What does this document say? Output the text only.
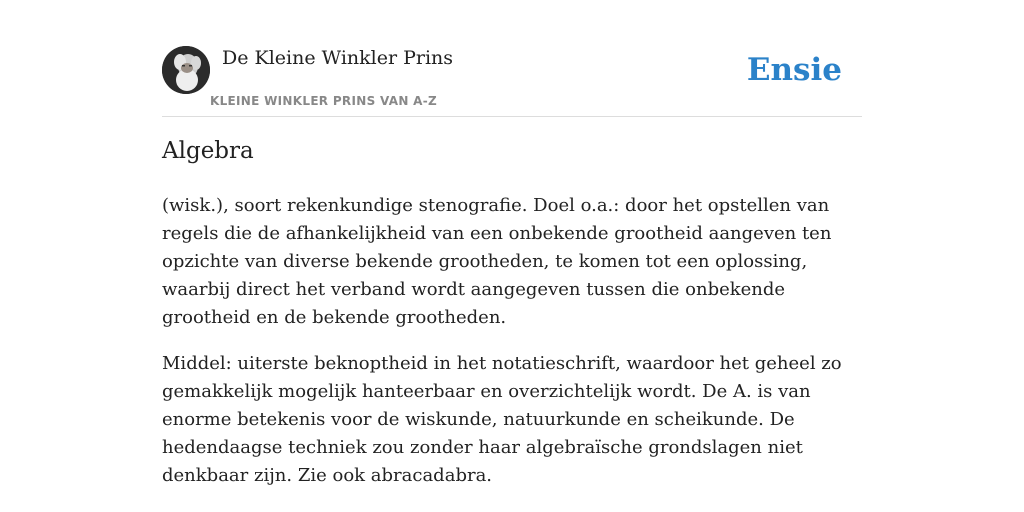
De Kleine Winkler Prins
KLEINE WINKLER PRINS VAN A-Z
Ensie
Algebra

(wisk.), soort rekenkundige stenografie. Doel o.a.: door het opstellen van regels die de afhankelijkheid van een onbekende grootheid aangeven ten opzichte van diverse bekende grootheden, te komen tot een oplossing, waarbij direct het verband wordt aangegeven tussen die onbekende grootheid en de bekende grootheden.

Middel: uiterste beknoptheid in het notatieschrift, waardoor het geheel zo gemakkelijk mogelijk hanteerbaar en overzichtelijk wordt. De A. is van enorme betekenis voor de wiskunde, natuurkunde en scheikunde. De hedendaagse techniek zou zonder haar algebraïsche grondslagen niet denkbaar zijn. Zie ook abracadabra.
